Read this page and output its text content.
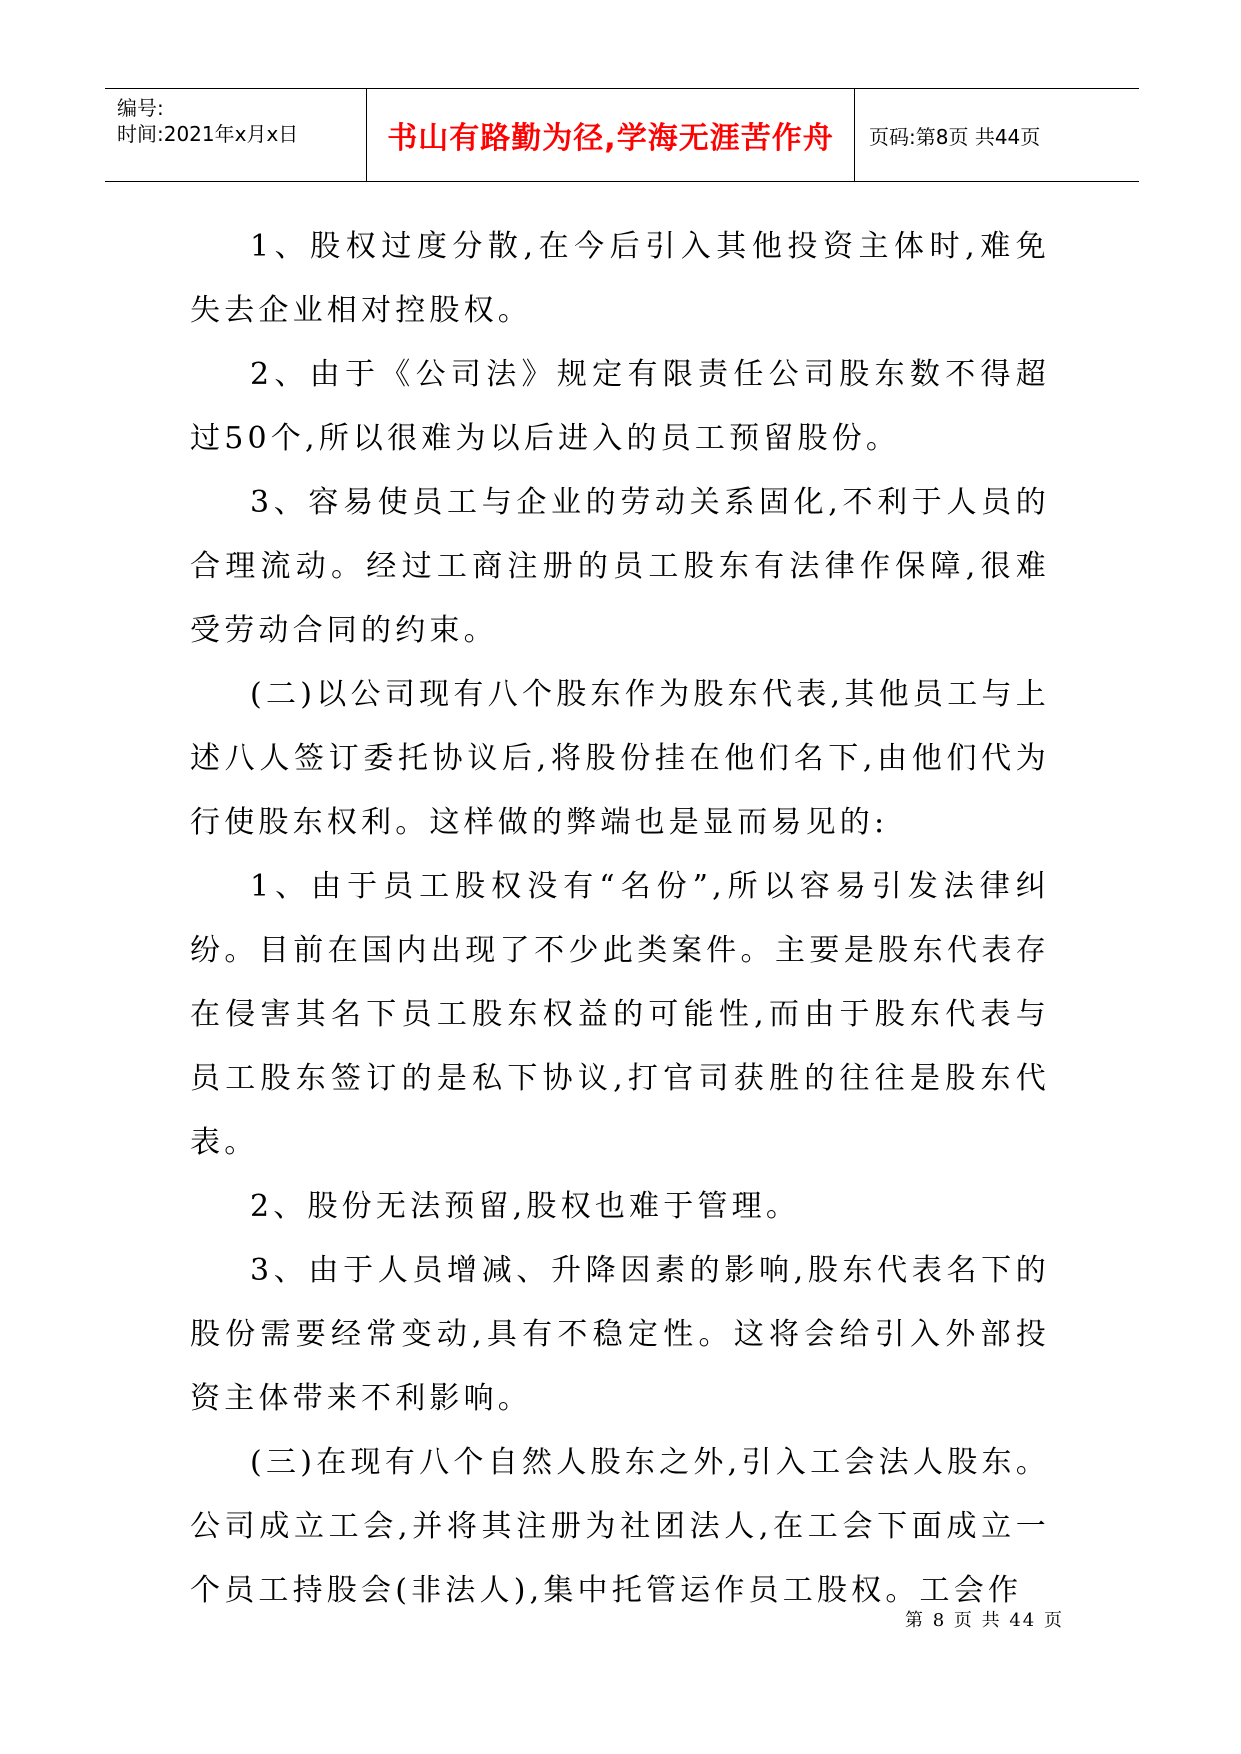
编号:
时间:2021年x月x日	书山有路勤为径,学海无涯苦作舟	页码:第8页 共44页

1、股权过度分散,在今后引入其他投资主体时,难免失去企业相对控股权。

2、由于《公司法》规定有限责任公司股东数不得超过50个,所以很难为以后进入的员工预留股份。

3、容易使员工与企业的劳动关系固化,不利于人员的合理流动。经过工商注册的员工股东有法律作保障,很难受劳动合同的约束。

(二)以公司现有八个股东作为股东代表,其他员工与上述八人签订委托协议后,将股份挂在他们名下,由他们代为行使股东权利。这样做的弊端也是显而易见的:

1、由于员工股权没有“名份”,所以容易引发法律纠纷。目前在国内出现了不少此类案件。主要是股东代表存在侵害其名下员工股东权益的可能性,而由于股东代表与员工股东签订的是私下协议,打官司获胜的往往是股东代表。

2、股份无法预留,股权也难于管理。

3、由于人员增减、升降因素的影响,股东代表名下的股份需要经常变动,具有不稳定性。这将会给引入外部投资主体带来不利影响。

(三)在现有八个自然人股东之外,引入工会法人股东。公司成立工会,并将其注册为社团法人,在工会下面成立一个员工持股会(非法人),集中托管运作员工股权。工会作

第 8 页 共 44 页
